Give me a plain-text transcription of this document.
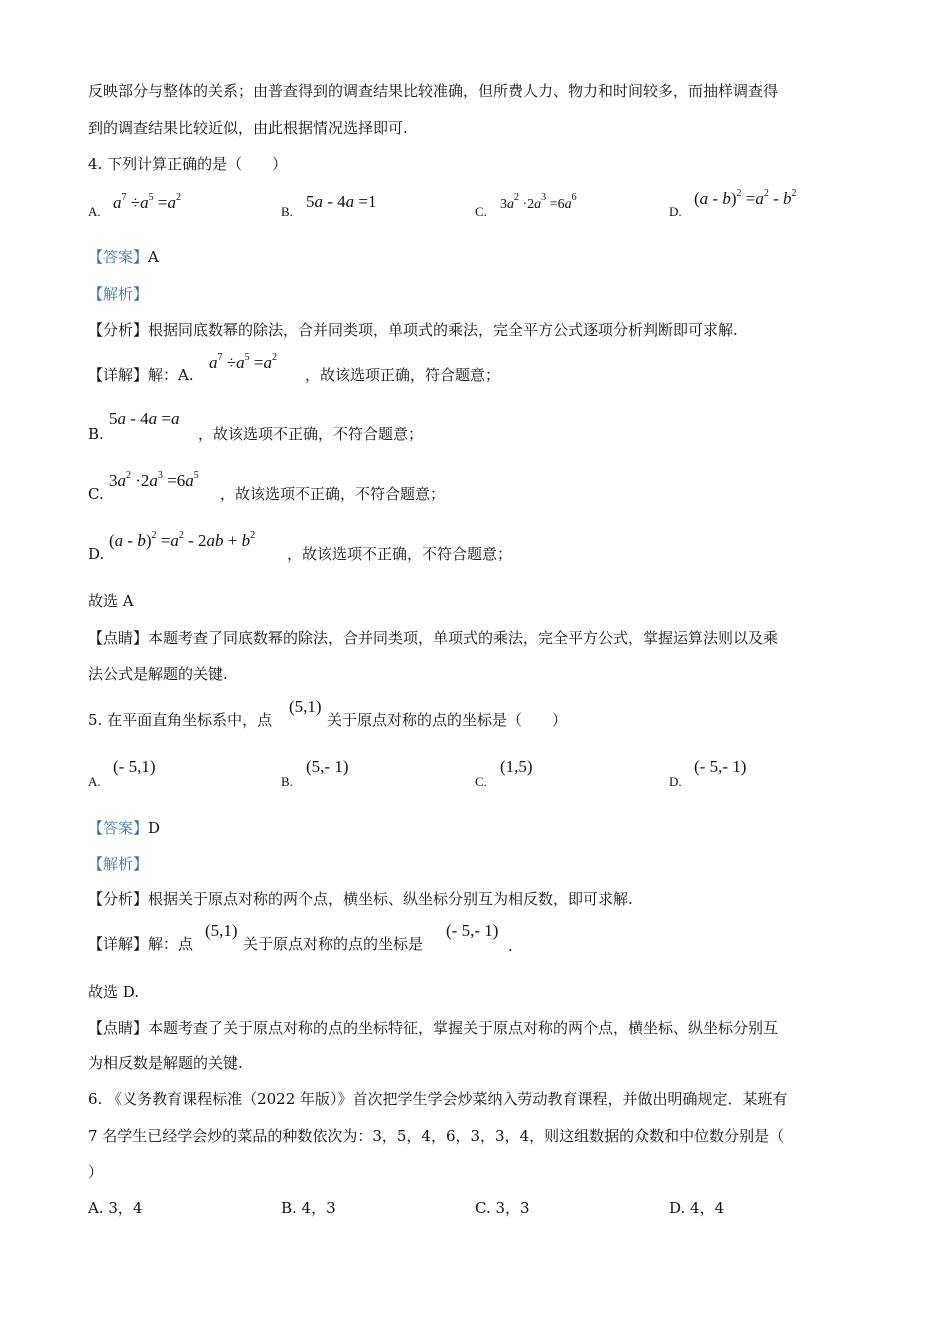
反映部分与整体的关系；由普查得到的调查结果比较准确，但所费人力、物力和时间较多，而抽样调查得
到的调查结果比较近似，由此根据情况选择即可.
4. 下列计算正确的是（　　）
A. $a^7 \div a^5 =a^2$
B.
5a - 4a =1
C. $3a^2 \cdot 2a^3 =6a^6$
D.
$(a - b)^2 =a^2 - b^2$
【答案】A
【解析】
【分析】根据同底数幂的除法，合并同类项，单项式的乘法，完全平方公式逐项分析判断即可求解.
【详解】解：A.
$a^7 \div a^5 =a^2$
，故该选项正确，符合题意；
B.
5a - 4a =a
，故该选项不正确，不符合题意；
C.
$3a^2 \cdot 2a^3 =6a^5$
，故该选项不正确，不符合题意；
D.
$(a - b)^2 =a^2 - 2ab + b^2$
，故该选项不正确，不符合题意；
故选 A
【点睛】本题考查了同底数幂的除法，合并同类项，单项式的乘法，完全平方公式，掌握运算法则以及乘
法公式是解题的关键.
5. 在平面直角坐标系中，点
(5,1)
关于原点对称的点的坐标是（　　）
A.
(- 5,1)
B.
(5,- 1)
C.
(1,5)
D.
(- 5,- 1)
【答案】D
【解析】
【分析】根据关于原点对称的两个点，横坐标、纵坐标分别互为相反数，即可求解.
【详解】解：点
(5,1)
关于原点对称的点的坐标是
(- 5,- 1)
.
故选 D.
【点睛】本题考查了关于原点对称的点的坐标特征，掌握关于原点对称的两个点，横坐标、纵坐标分别互
为相反数是解题的关键.
6. 《义务教育课程标准（2022 年版）》首次把学生学会炒菜纳入劳动教育课程，并做出明确规定．某班有
7 名学生已经学会炒的菜品的种数依次为：3，5，4，6，3，3，4，则这组数据的众数和中位数分别是（
）
A. 3，4	B. 4，3	C. 3，3	D. 4，4
